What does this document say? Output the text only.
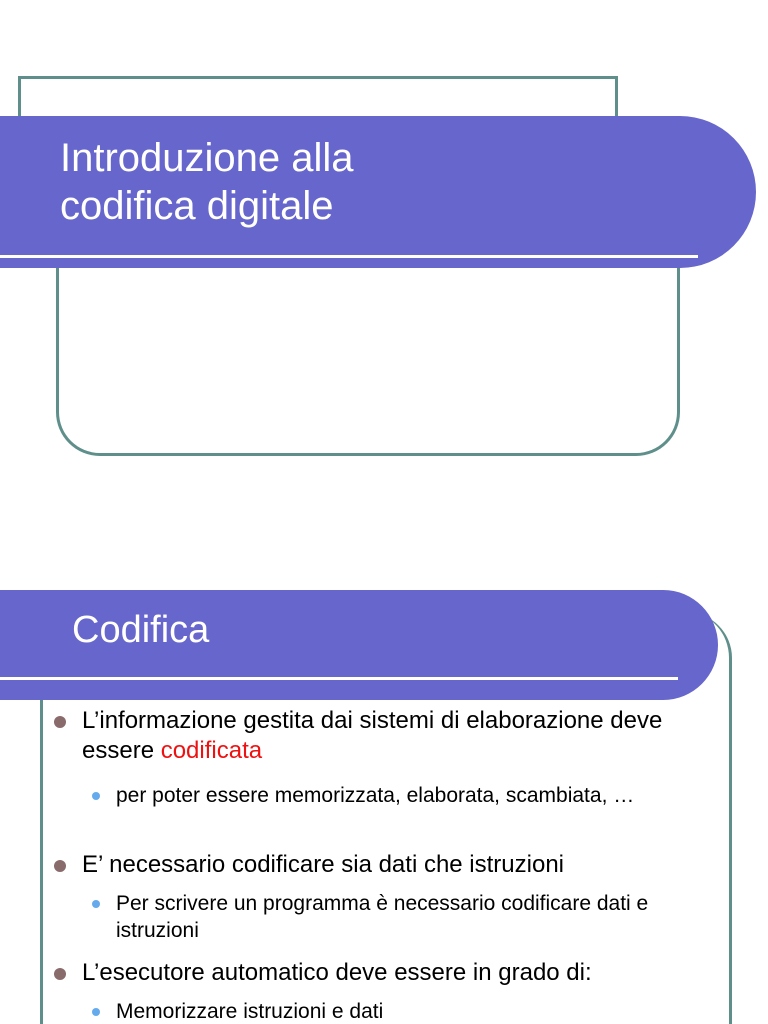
Introduzione alla
codifica digitale
Codifica
L’informazione gestita dai sistemi di elaborazione deve essere codificata
per poter essere memorizzata, elaborata, scambiata, …
E’ necessario codificare sia dati che istruzioni
Per scrivere un programma è necessario codificare dati e istruzioni
L’esecutore automatico deve essere in grado di:
Memorizzare istruzioni e dati
